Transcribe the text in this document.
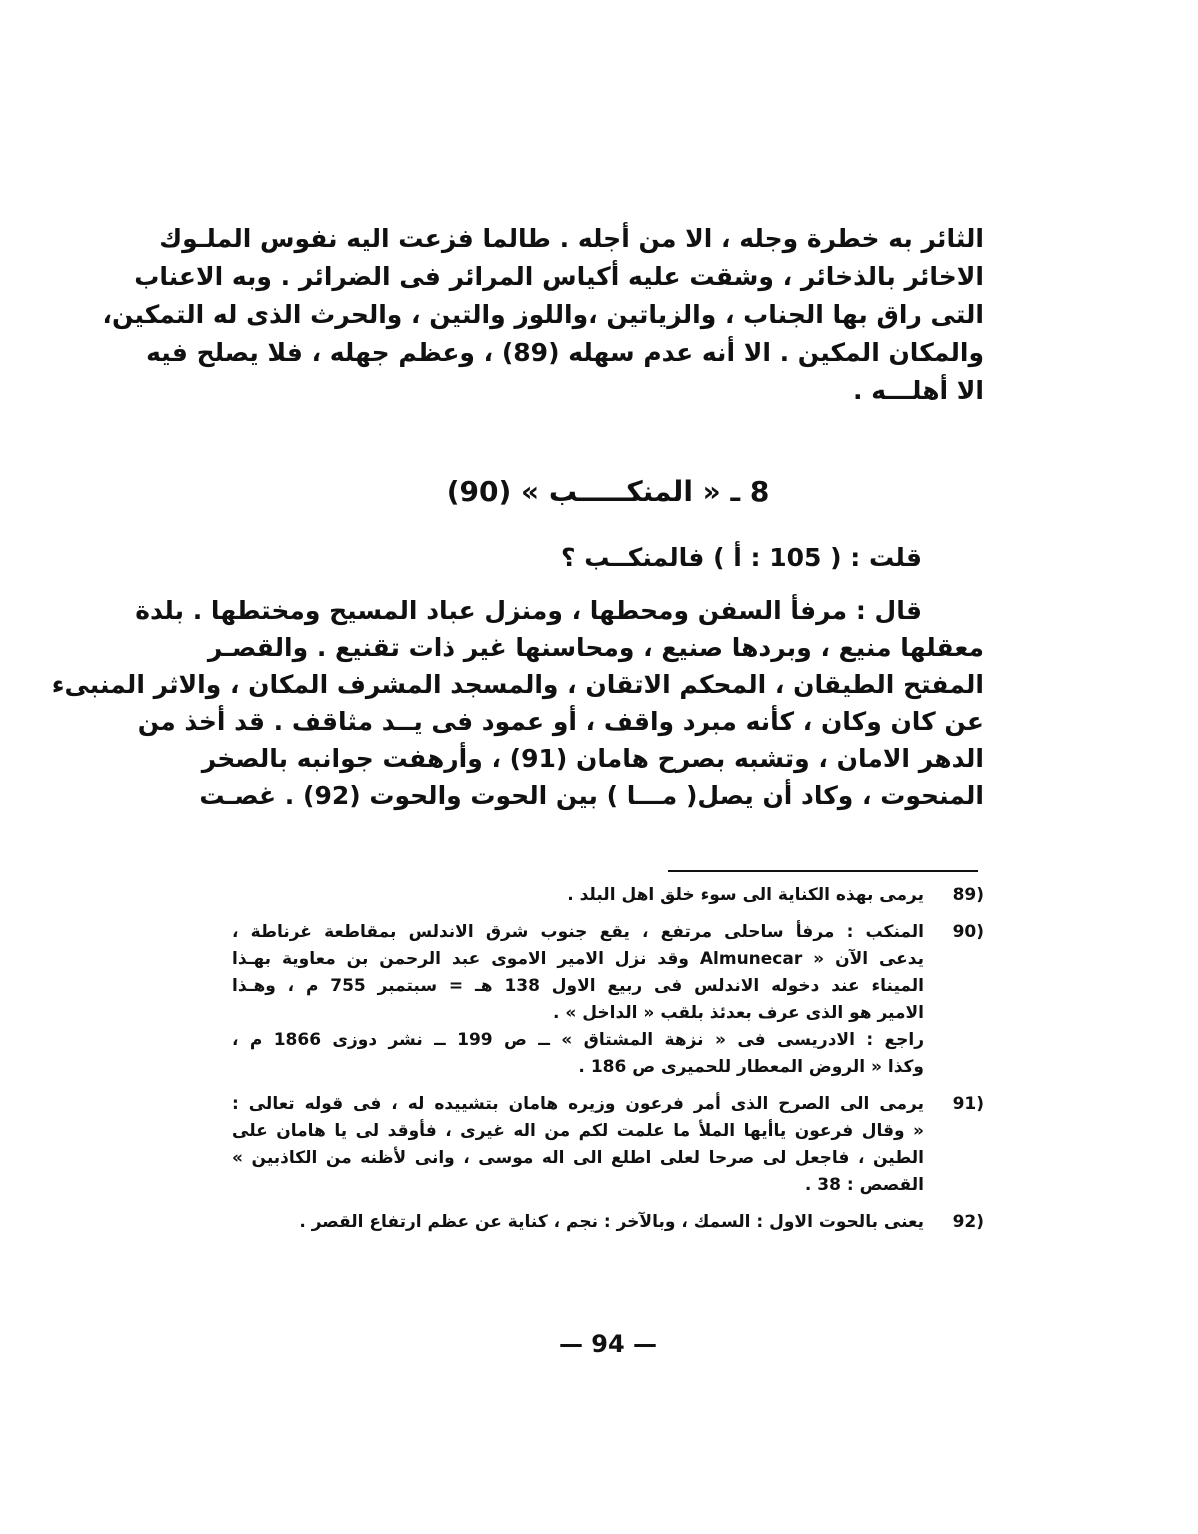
الثائر به خطرة وجله ، الا من أجله . طالما فزعت اليه نفوس الملـوك
الاخائر بالذخائر ، وشقت عليه أكياس المرائر فى الضرائر . وبه الاعناب
التى راق بها الجناب ، والزياتين ،واللوز والتين ، والحرث الذى له التمكين،
والمكان المكين . الا أنه عدم سهله (89) ، وعظم جهله ، فلا يصلح فيه
الا أهلـــه .
8 ـ « المنكـــــب » (90)
قلت : ( 105 : أ ) فالمنكــب ؟
قال : مرفأ السفن ومحطها ، ومنزل عباد المسيح ومختطها . بلدة
معقلها منيع ، وبردها صنيع ، ومحاسنها غير ذات تقنيع . والقصـر
المفتح الطيقان ، المحكم الاتقان ، والمسجد المشرف المكان ، والاثر المنبىء
عن كان وكان ، كأنه مبرد واقف ، أو عمود فى يــد مثاقف . قد أخذ من
الدهر الامان ، وتشبه بصرح هامان (91) ، وأرهفت جوانبه بالصخر
المنحوت ، وكاد أن يصل( مـــا ) بين الحوت والحوت (92) . غصـت
89)
يرمى بهذه الكناية الى سوء خلق اهل البلد .
90)
المنكب : مرفأ ساحلى مرتفع ، يقع جنوب شرق الاندلس بمقاطعة غرناطة ،
يدعى الآن « Almunecar وقد نزل الامير الاموى عبد الرحمن بن معاوية بهـذا
الميناء عند دخوله الاندلس فى ربيع الاول 138 هـ = سبتمبر 755 م ، وهـذا
الامير هو الذى عرف بعدئذ بلقب « الداخل » .
راجع : الادريسى فى « نزهة المشتاق » ــ ص 199 ــ نشر دوزى 1866 م ،
وكذا « الروض المعطار للحميرى ص 186 .
91)
يرمى الى الصرح الذى أمر فرعون وزيره هامان بتشييده له ، فى قوله تعالى :
« وقال فرعون ياأيها الملأ ما علمت لكم من اله غيرى ، فأوقد لى يا هامان على
الطين ، فاجعل لى صرحا لعلى اطلع الى اله موسى ، وانى لأظنه من الكاذبين »
القصص : 38 .
92)
يعنى بالحوت الاول : السمك ، وبالآخر : نجم ، كناية عن عظم ارتفاع القصر .
— 94 —
